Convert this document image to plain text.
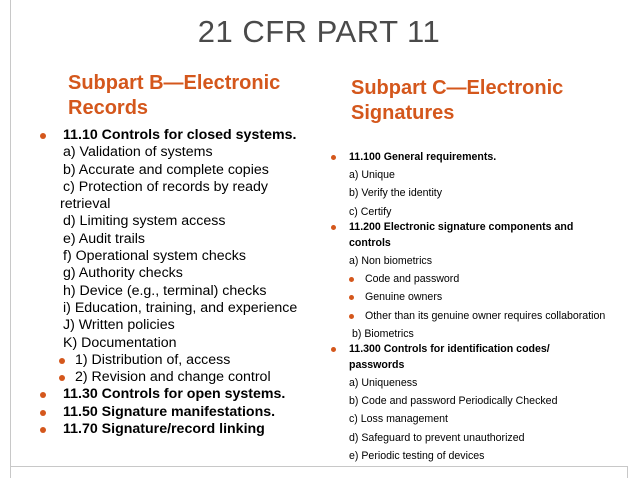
21 CFR PART 11
Subpart B—Electronic
Records
Subpart C—Electronic
Signatures
11.10 Controls for closed systems.
a) Validation of systems
b) Accurate and complete copies
c) Protection of records by ready
retrieval
d) Limiting system access
e) Audit trails
f) Operational system checks
g) Authority checks
h) Device (e.g., terminal) checks
i) Education, training, and experience
J) Written policies
K) Documentation
1) Distribution of, access
2) Revision and change control
11.30 Controls for open systems.
11.50 Signature manifestations.
11.70 Signature/record linking
11.100 General requirements.
a) Unique
b) Verify the identity
c) Certify
11.200 Electronic signature components and
controls
a) Non biometrics
Code and password
Genuine owners
Other than its genuine owner requires collaboration
b) Biometrics
11.300 Controls for identification codes/
passwords
a) Uniqueness
b) Code and password Periodically Checked
c) Loss management
d) Safeguard to prevent unauthorized
e) Periodic testing of devices
